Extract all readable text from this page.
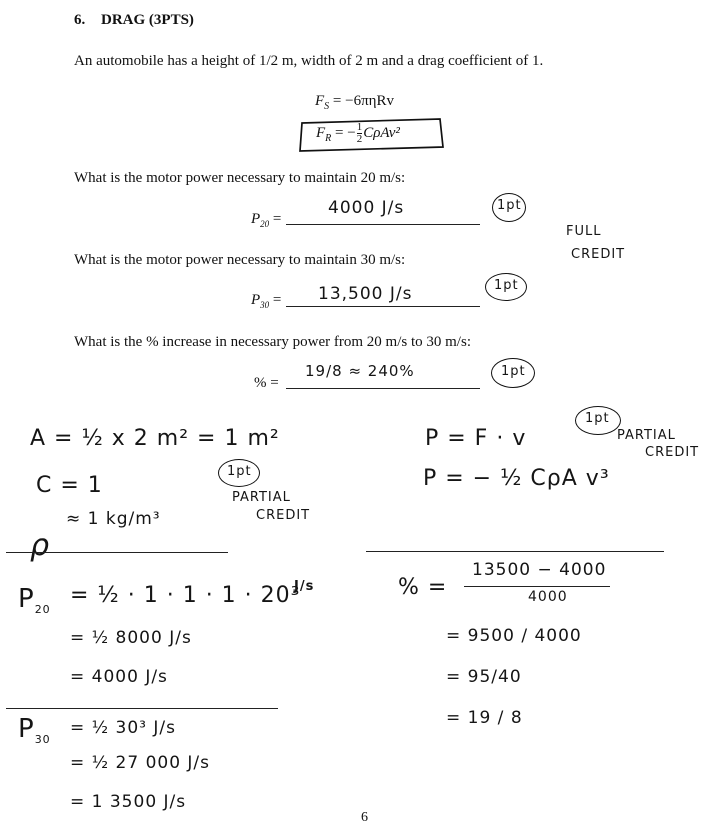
6. DRAG (3PTS)
An automobile has a height of 1/2 m, width of 2 m and a drag coefficient of 1.
$F_S = -6\pi\eta Rv$
$F_R$ = − $\frac{1}{2} C\rho Av^2$
What is the motor power necessary to maintain 20 m/s:
$P_{20}$ =
4000 J/s	1pt
FULL
CREDIT
What is the motor power necessary to maintain 30 m/s:
$P_{30} = 13,500$ J/s	1pt
What is the % increase in necessary power from 20 m/s to 30 m/s:
% =
19/8 ≈ 240%	1pt
A = ½ x 2 m² = 1 m²
C = 1
ρ
≈ 1 kg/m³
1pt
PARTIAL
CREDIT
$P_{20}$
= ½ · 1 · 1 · 1 · 20³
J/s
= ½ 8000 J/s
= 4000 J/s
$P_{30}$
= ½ 30³ J/s
= ½ 27 000 J/s
= 1 3500 J/s
P = F · v
P = − ½ CρA v³
1pt
PARTIAL
CREDIT
% =
13500 − 4000
4000
= 9500 / 4000
= 95/40
= 19 / 8
6
